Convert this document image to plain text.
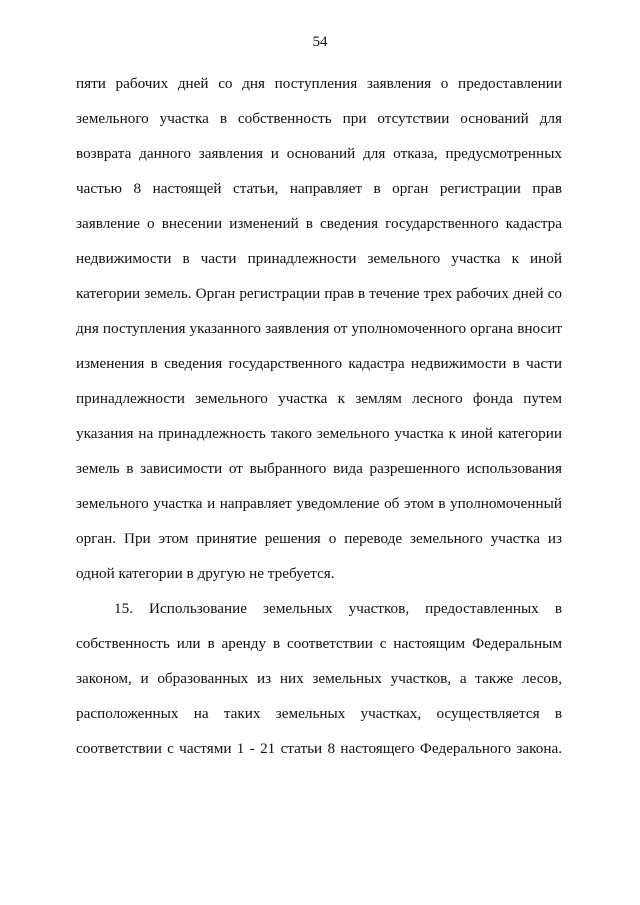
54
пяти рабочих дней со дня поступления заявления о предоставлении
земельного участка в собственность при отсутствии оснований для
возврата данного заявления и оснований для отказа, предусмотренных
частью 8 настоящей статьи, направляет в орган регистрации прав
заявление о внесении изменений в сведения государственного кадастра
недвижимости в части принадлежности земельного участка к иной
категории земель. Орган регистрации прав в течение трех рабочих дней со
дня поступления указанного заявления от уполномоченного органа вносит
изменения в сведения государственного кадастра недвижимости в части
принадлежности земельного участка к землям лесного фонда путем
указания на принадлежность такого земельного участка к иной категории
земель в зависимости от выбранного вида разрешенного использования
земельного участка и направляет уведомление об этом в уполномоченный
орган. При этом принятие решения о переводе земельного участка из
одной категории в другую не требуется.
15. Использование земельных участков, предоставленных в
собственность или в аренду в соответствии с настоящим Федеральным
законом, и образованных из них земельных участков, а также лесов,
расположенных на таких земельных участках, осуществляется в
соответствии с частями 1 - 21 статьи 8 настоящего Федерального закона.
